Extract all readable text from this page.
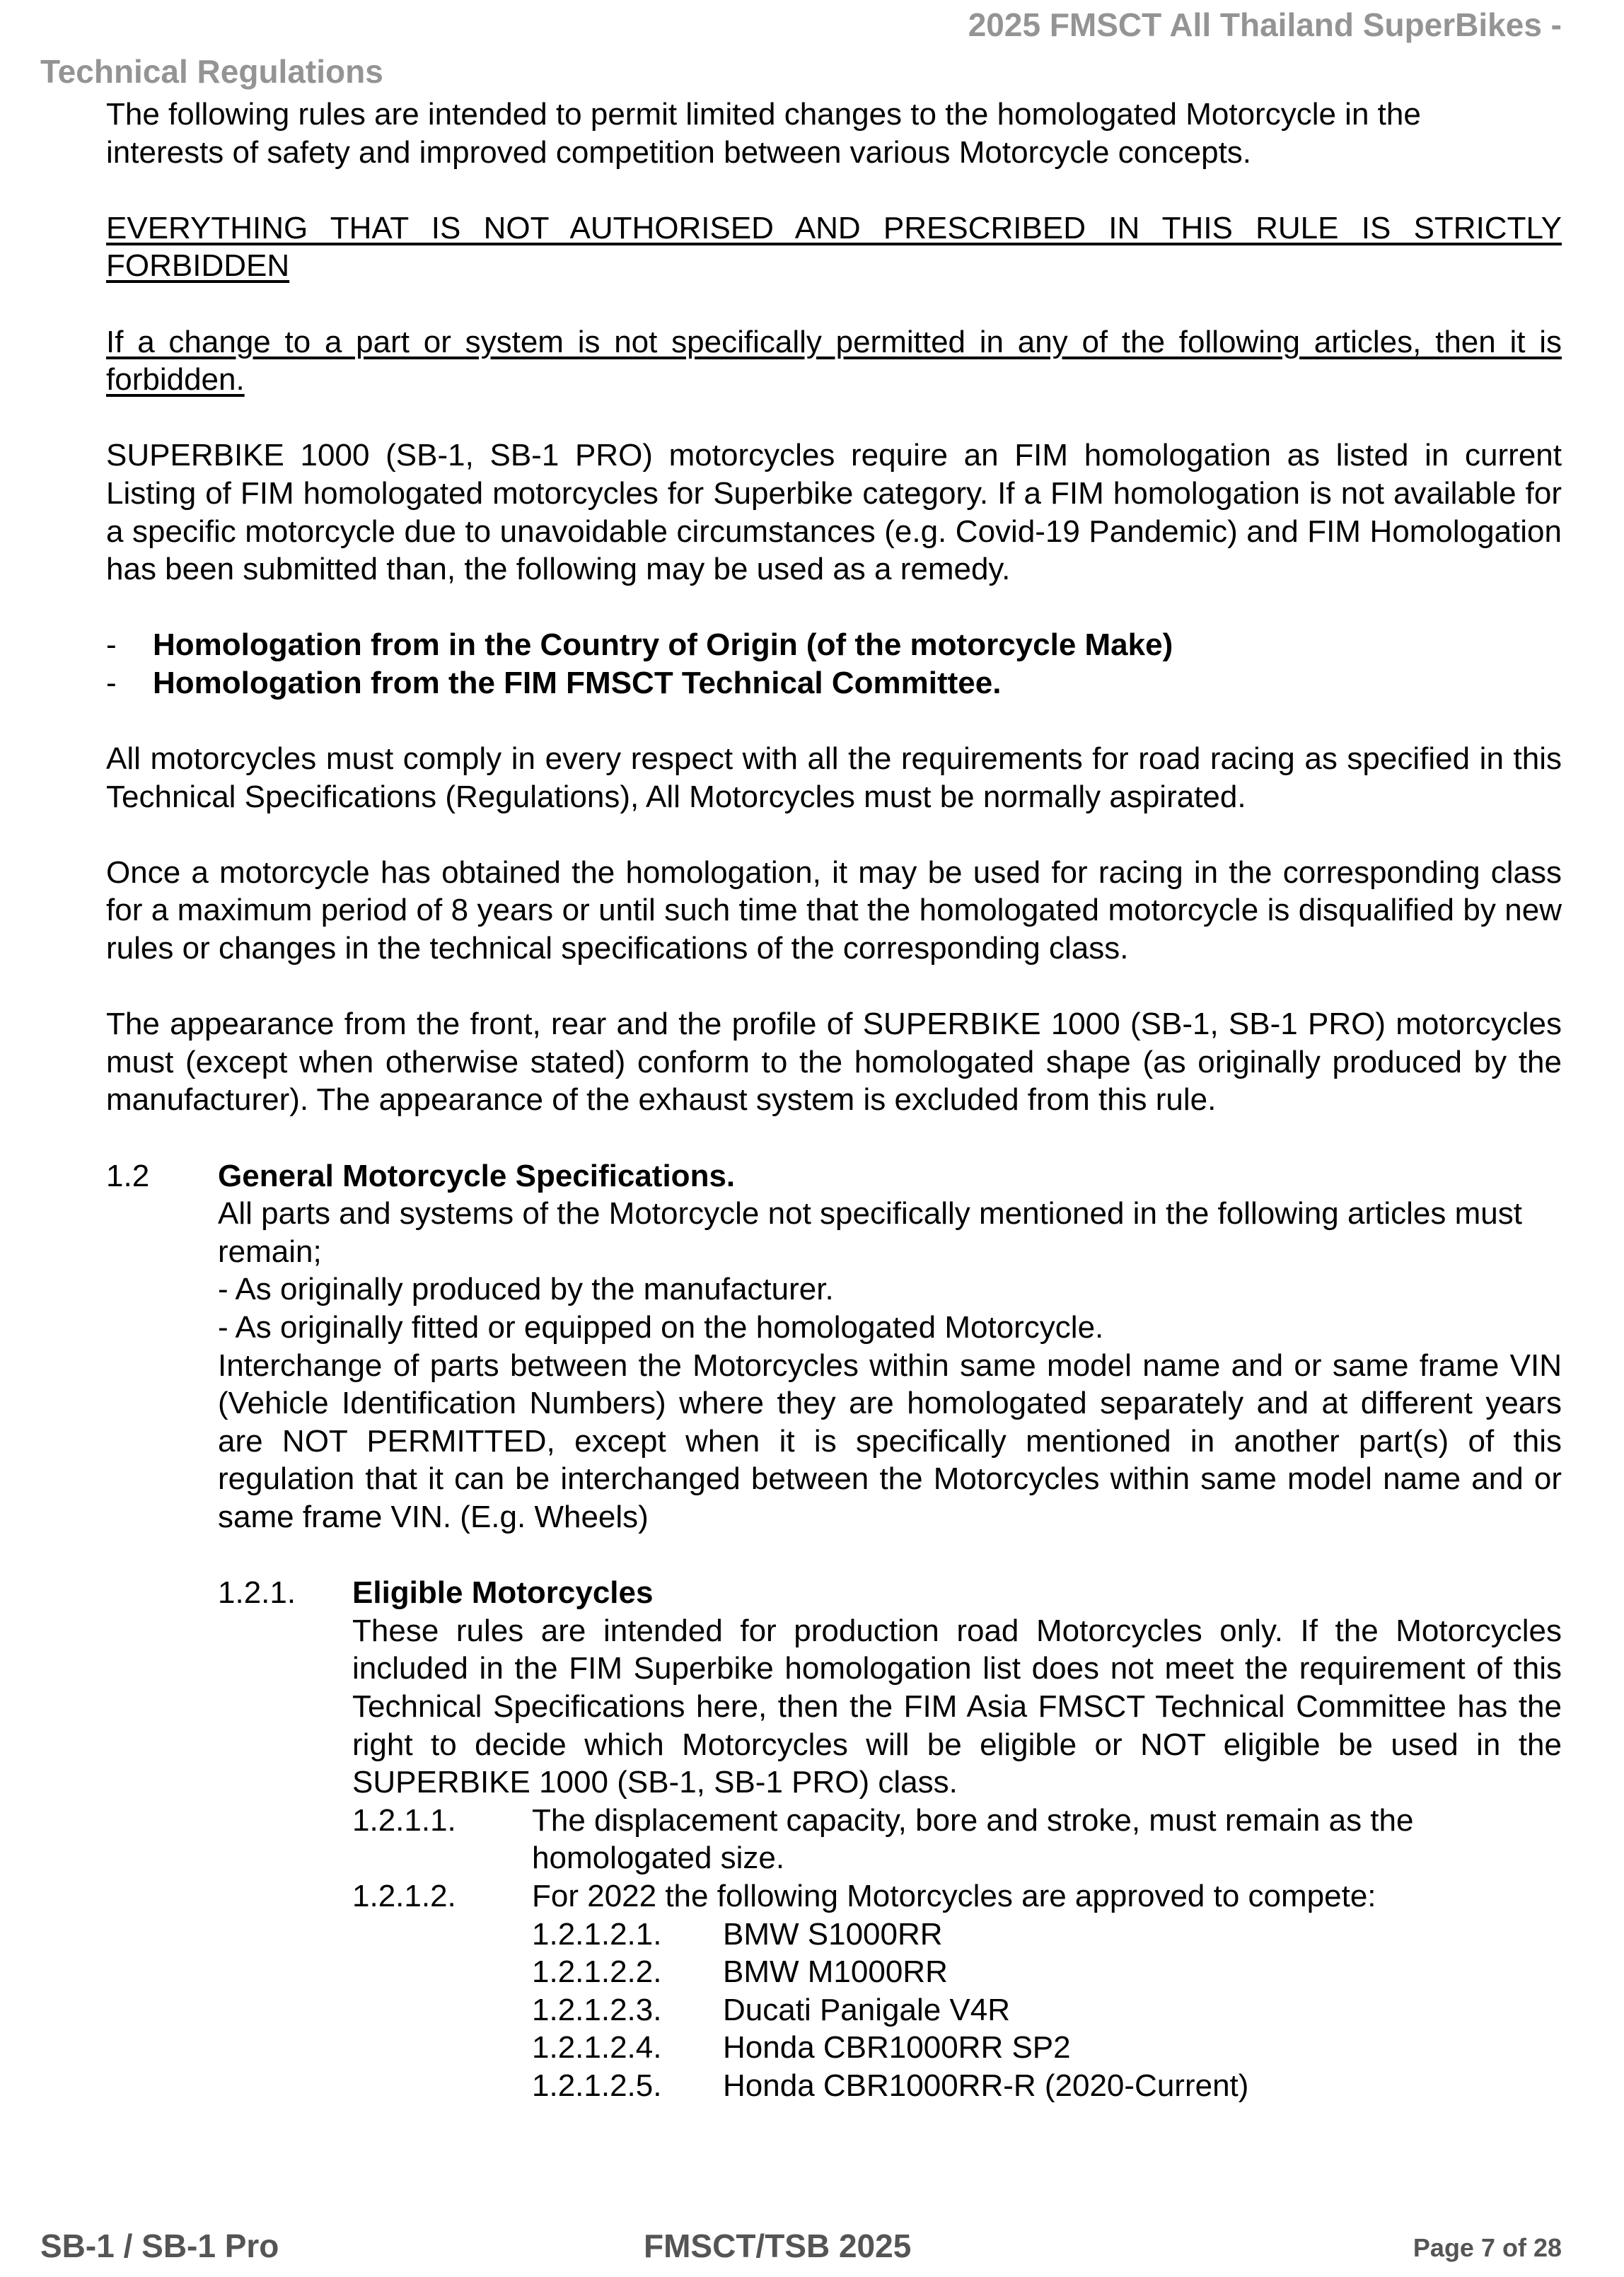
2025 FMSCT All Thailand SuperBikes -
Technical Regulations

The following rules are intended to permit limited changes to the homologated Motorcycle in the interests of safety and improved competition between various Motorcycle concepts.

EVERYTHING THAT IS NOT AUTHORISED AND PRESCRIBED IN THIS RULE IS STRICTLY FORBIDDEN

If a change to a part or system is not specifically permitted in any of the following articles, then it is forbidden.

SUPERBIKE 1000 (SB-1, SB-1 PRO) motorcycles require an FIM homologation as listed in current Listing of FIM homologated motorcycles for Superbike category. If a FIM homologation is not available for a specific motorcycle due to unavoidable circumstances (e.g. Covid-19 Pandemic) and FIM Homologation has been submitted than, the following may be used as a remedy.

-	Homologation from in the Country of Origin (of the motorcycle Make)
-	Homologation from the FIM FMSCT Technical Committee.

All motorcycles must comply in every respect with all the requirements for road racing as specified in this Technical Specifications (Regulations), All Motorcycles must be normally aspirated.

Once a motorcycle has obtained the homologation, it may be used for racing in the corresponding class for a maximum period of 8 years or until such time that the homologated motorcycle is disqualified by new rules or changes in the technical specifications of the corresponding class.

The appearance from the front, rear and the profile of SUPERBIKE 1000 (SB-1, SB-1 PRO) motorcycles must (except when otherwise stated) conform to the homologated shape (as originally produced by the manufacturer). The appearance of the exhaust system is excluded from this rule.

1.2	General Motorcycle Specifications.

All parts and systems of the Motorcycle not specifically mentioned in the following articles must remain;

- As originally produced by the manufacturer.
- As originally fitted or equipped on the homologated Motorcycle.

Interchange of parts between the Motorcycles within same model name and or same frame VIN (Vehicle Identification Numbers) where they are homologated separately and at different years are NOT PERMITTED, except when it is specifically mentioned in another part(s) of this regulation that it can be interchanged between the Motorcycles within same model name and or same frame VIN. (E.g. Wheels)

1.2.1.	Eligible Motorcycles

These rules are intended for production road Motorcycles only. If the Motorcycles included in the FIM Superbike homologation list does not meet the requirement of this Technical Specifications here, then the FIM Asia FMSCT Technical Committee has the right to decide which Motorcycles will be eligible or NOT eligible be used in the SUPERBIKE 1000 (SB-1, SB-1 PRO) class.

1.2.1.1.	The displacement capacity, bore and stroke, must remain as the homologated size.
1.2.1.2.	For 2022 the following Motorcycles are approved to compete:
1.2.1.2.1.	BMW S1000RR
1.2.1.2.2.	BMW M1000RR
1.2.1.2.3.	Ducati Panigale V4R
1.2.1.2.4.	Honda CBR1000RR SP2
1.2.1.2.5.	Honda CBR1000RR-R (2020-Current)
SB-1 / SB-1 Pro	FMSCT/TSB 2025	Page 7 of 28
